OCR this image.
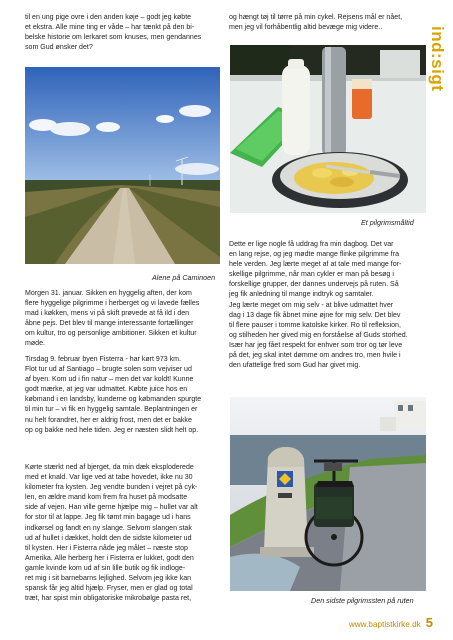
ind:sigt
til en ung pige ovre i den anden køje – godt jeg købte
et ekstra. Alle mine ting er våde – har tænkt på den bi-
belske historie om lerkaret som knuses, men gendannes
som Gud ønsker det?
Alene på Caminoen
Morgen 31. januar. Sikken en hyggelig aften, der kom
flere hyggelige pilgrimme i herberget og vi lavede fælles
mad i køkken, mens vi på skift prøvede at få ild i den
åbne pejs. Det blev til mange interessante fortællinger
om kultur, tro og personlige ambitioner. Sikken et kultur
møde.
Tirsdag 9. februar byen Fisterra - har kørt 973 km.
Flot tur ud af Santiago – brugte solen som vejviser ud
af byen. Kom ud i fin natur – men det var koldt! Kunne
godt mærke, at jeg var udmattet. Købte juice hos en
købmand i en landsby, kunderne og købmanden spurgte
til min tur – vi fik en hyggelig samtale. Beplantningen er
nu helt forandret, her er aldrig frost, men det er bakke
op og bakke ned hele tiden. Jeg er næsten slidt helt op.
Kørte stærkt ned af bjerget, da min dæk eksploderede
med et knald. Var lige ved at tabe hovedet, ikke nu 30
kilometer fra kysten. Jeg vendte bunden i vejret på cyk-
len, en ældre mand kom frem fra huset på modsatte
side af vejen. Han ville gerne hjælpe mig – hullet var alt
for stor til at lappe. Jeg fik tømt min bagage ud i hans
indkørsel og fandt en ny slange. Selvom slangen stak
ud af hullet i dækket, holdt den de sidste kilometer ud
til kysten. Her i Fisterra nåde jeg målet – næste stop
Amerika. Alle herberg her i Fisterra er lukket, godt den
gamle kvinde kom ud af sin lille butik og fik indloge-
ret mig i sit barnebarns lejlighed. Selvom jeg ikke kan
spansk får jeg altid hjælp. Fryser, men er glad og total
træt, har spist min obligatoriske mikrobølge pasta ret,
og hængt tøj til tørre på min cykel. Rejsens mål er nået,
men jeg vil forhåbentlig altid bevæge mig videre..
Et pilgrimsmåltid
Dette er lige nogle få uddrag fra min dagbog. Det var
en lang rejse, og jeg mødte mange flinke pilgrimme fra
hele verden. Jeg lærte meget af at tale med mange for-
skellige pilgrimme, når man cykler er man på besøg i
forskellige grupper, der dannes undervejs på ruten. Så
jeg fik anledning til mange indtryk og samtaler.
Jeg lærte meget om mig selv - at blive udmattet hver
dag i 13 dage fik åbnet mine øjne for mig selv. Det blev
til flere pauser i tomme katolske kirker. Ro til refleksion,
og stilheden her gived mig en forståelse af Guds storhed.
Især har jeg fået respekt for enhver som tror og tør leve
på det, jeg skal intet dømme om andres tro, men hvile i
den ufattelige fred som Gud har givet mig.
Den sidste pilgrimssten på ruten
www.baptistkirke.dk 5
